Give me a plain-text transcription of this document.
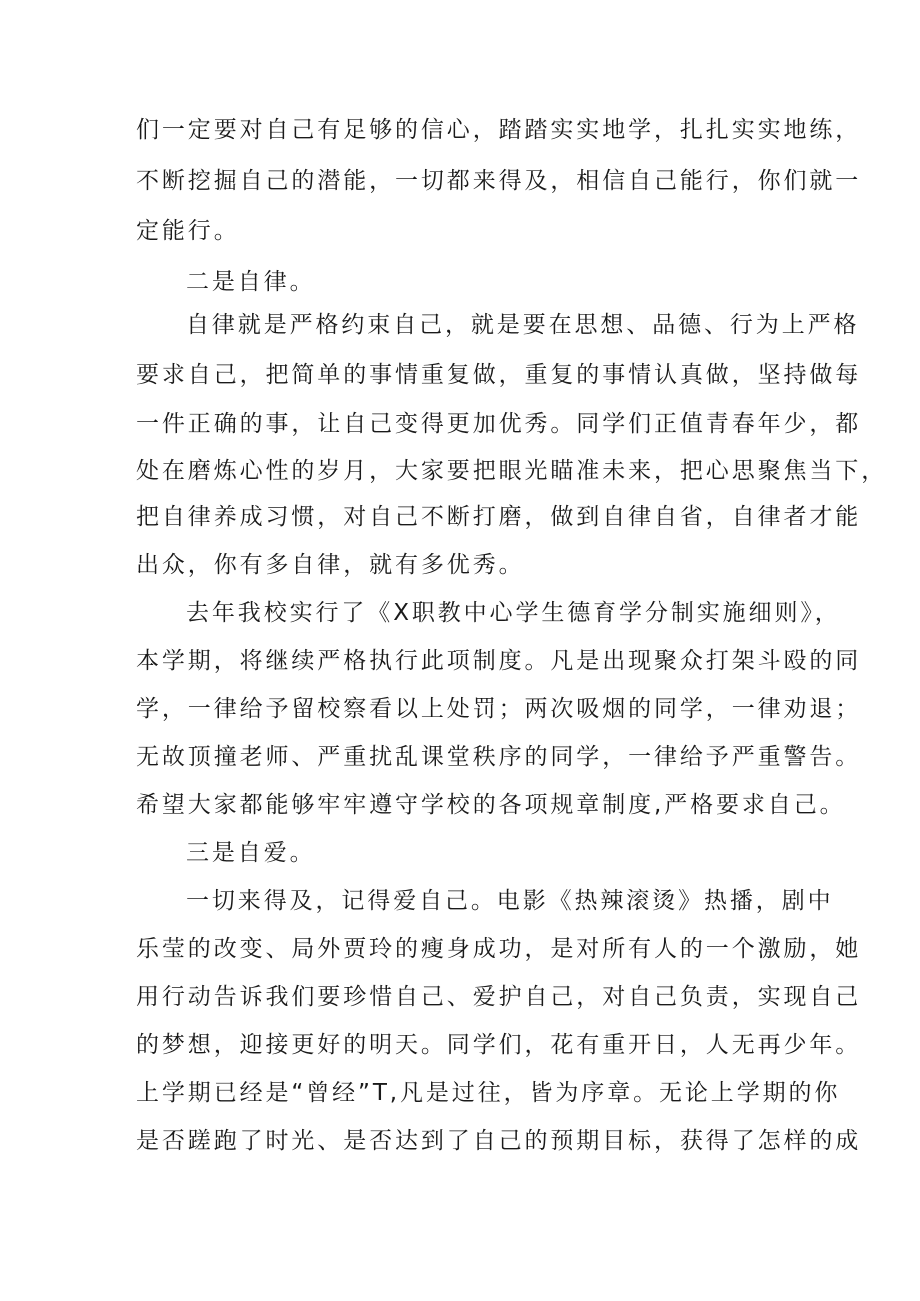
们一定要对自己有足够的信心，踏踏实实地学，扎扎实实地练，
不断挖掘自己的潜能，一切都来得及，相信自己能行，你们就一
定能行。
二是自律。
自律就是严格约束自己，就是要在思想、品德、行为上严格
要求自己，把简单的事情重复做，重复的事情认真做，坚持做每
一件正确的事，让自己变得更加优秀。同学们正值青春年少，都
处在磨炼心性的岁月，大家要把眼光瞄准未来，把心思聚焦当下，
把自律养成习惯，对自己不断打磨，做到自律自省，自律者才能
出众，你有多自律，就有多优秀。
去年我校实行了《X职教中心学生德育学分制实施细则》，
本学期，将继续严格执行此项制度。凡是出现聚众打架斗殴的同
学，一律给予留校察看以上处罚；两次吸烟的同学，一律劝退；
无故顶撞老师、严重扰乱课堂秩序的同学，一律给予严重警告。
希望大家都能够牢牢遵守学校的各项规章制度,严格要求自己。
三是自爱。
一切来得及，记得爱自己。电影《热辣滚烫》热播，剧中
乐莹的改变、局外贾玲的瘦身成功，是对所有人的一个激励，她
用行动告诉我们要珍惜自己、爱护自己，对自己负责，实现自己
的梦想，迎接更好的明天。同学们，花有重开日，人无再少年。
上学期已经是“曾经”T,凡是过往，皆为序章。无论上学期的你
是否蹉跑了时光、是否达到了自己的预期目标，获得了怎样的成
